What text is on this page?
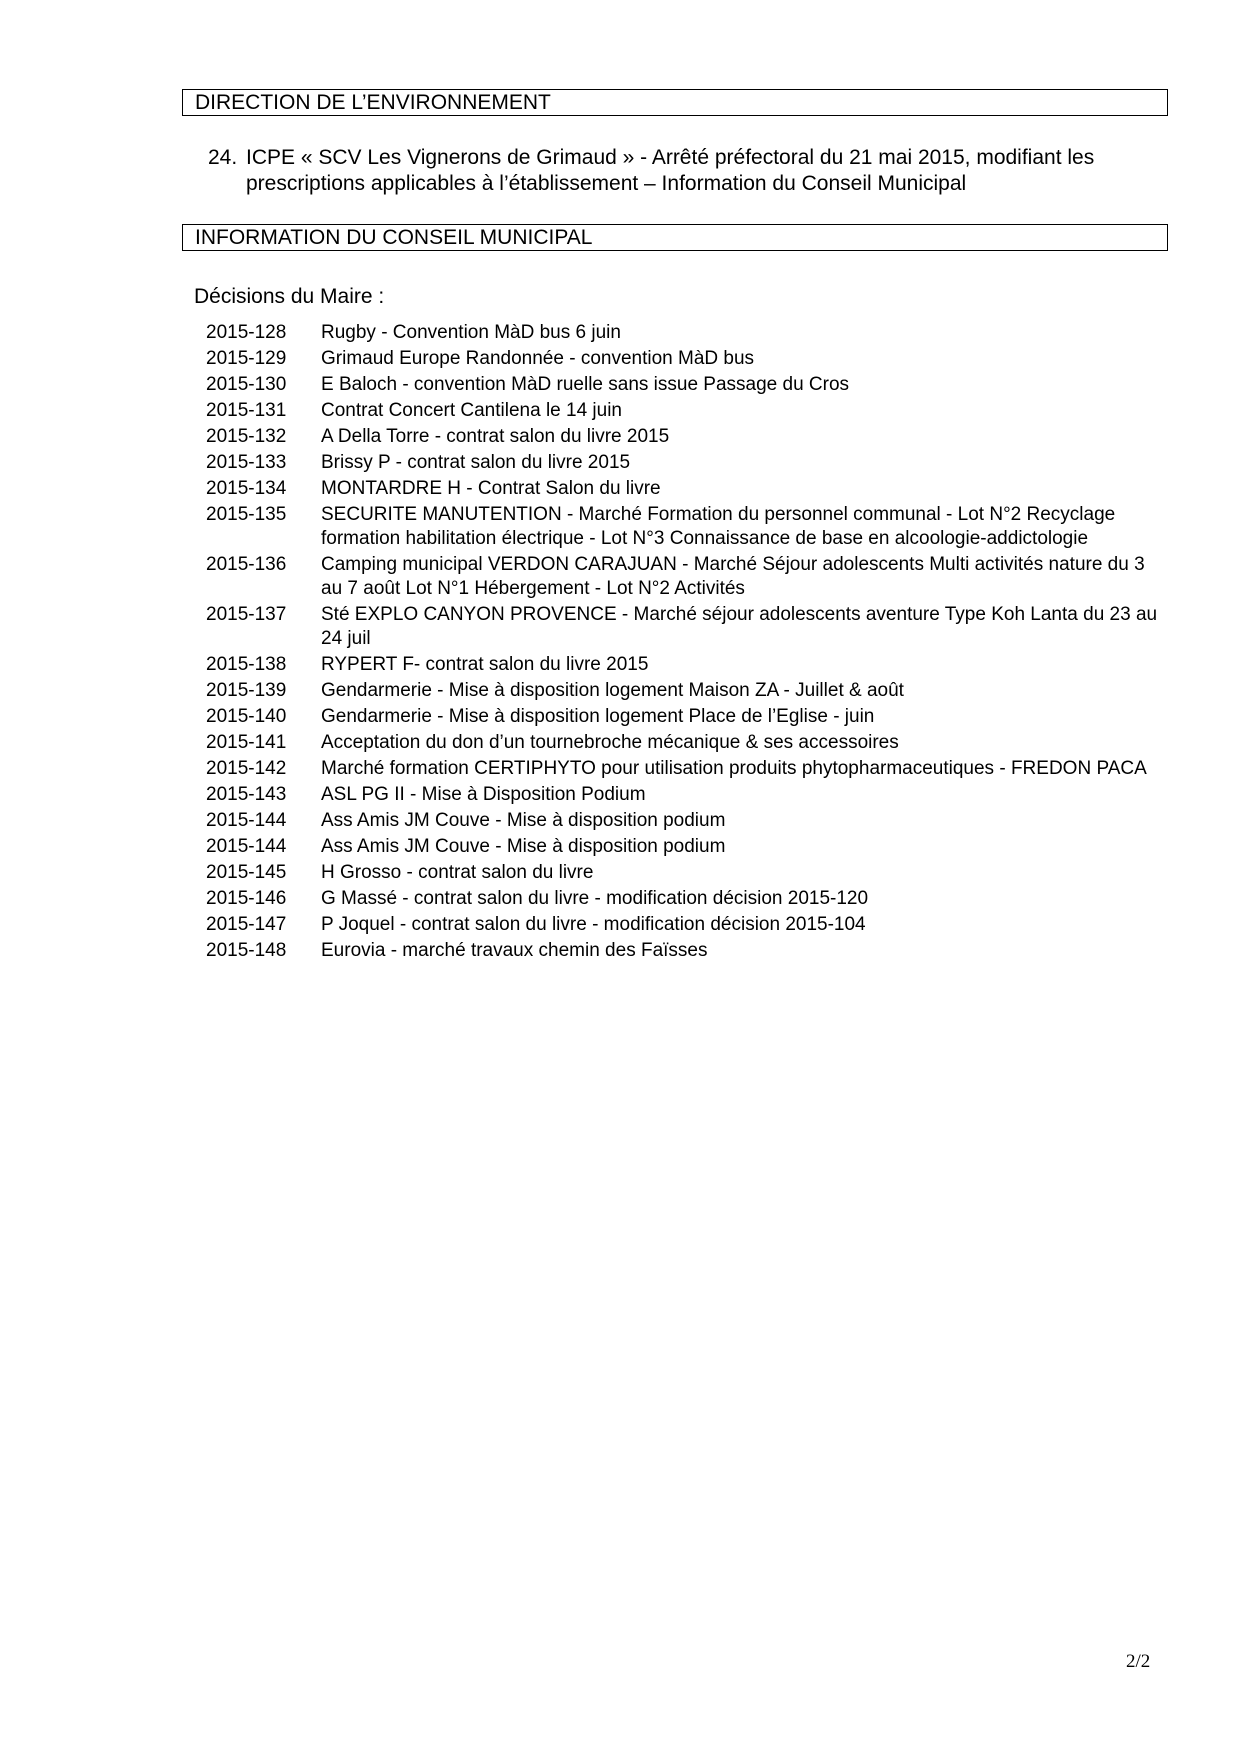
DIRECTION DE L’ENVIRONNEMENT
24. ICPE « SCV Les Vignerons de Grimaud » - Arrêté préfectoral du 21 mai 2015, modifiant les prescriptions applicables à l’établissement – Information du Conseil Municipal
INFORMATION DU CONSEIL MUNICIPAL
Décisions du Maire :
2015-128	Rugby - Convention MàD bus 6 juin
2015-129	Grimaud Europe Randonnée - convention MàD bus
2015-130	E Baloch - convention MàD ruelle sans issue Passage du Cros
2015-131	Contrat Concert Cantilena le 14 juin
2015-132	A Della Torre - contrat salon du livre 2015
2015-133	Brissy P - contrat salon du livre 2015
2015-134	MONTARDRE H - Contrat Salon du livre
2015-135	SECURITE MANUTENTION - Marché Formation du personnel communal - Lot N°2 Recyclage formation habilitation électrique - Lot N°3 Connaissance de base en alcoologie-addictologie
2015-136	Camping municipal VERDON CARAJUAN - Marché Séjour adolescents Multi activités nature du 3 au 7 août Lot N°1 Hébergement - Lot N°2 Activités
2015-137	Sté EXPLO CANYON PROVENCE - Marché séjour adolescents aventure Type Koh Lanta du 23 au 24 juil
2015-138	RYPERT F- contrat salon du livre 2015
2015-139	Gendarmerie - Mise à disposition logement Maison ZA - Juillet & août
2015-140	Gendarmerie - Mise à disposition logement Place de l’Eglise - juin
2015-141	Acceptation du don d’un tournebroche mécanique & ses accessoires
2015-142	Marché formation CERTIPHYTO pour utilisation produits phytopharmaceutiques - FREDON PACA
2015-143	ASL PG II - Mise à Disposition Podium
2015-144	Ass Amis JM Couve - Mise à disposition podium
2015-144	Ass Amis JM Couve - Mise à disposition podium
2015-145	H Grosso - contrat salon du livre
2015-146	G Massé - contrat salon du livre - modification décision 2015-120
2015-147	P Joquel - contrat salon du livre - modification décision 2015-104
2015-148	Eurovia - marché travaux chemin des Faïsses
2/2
